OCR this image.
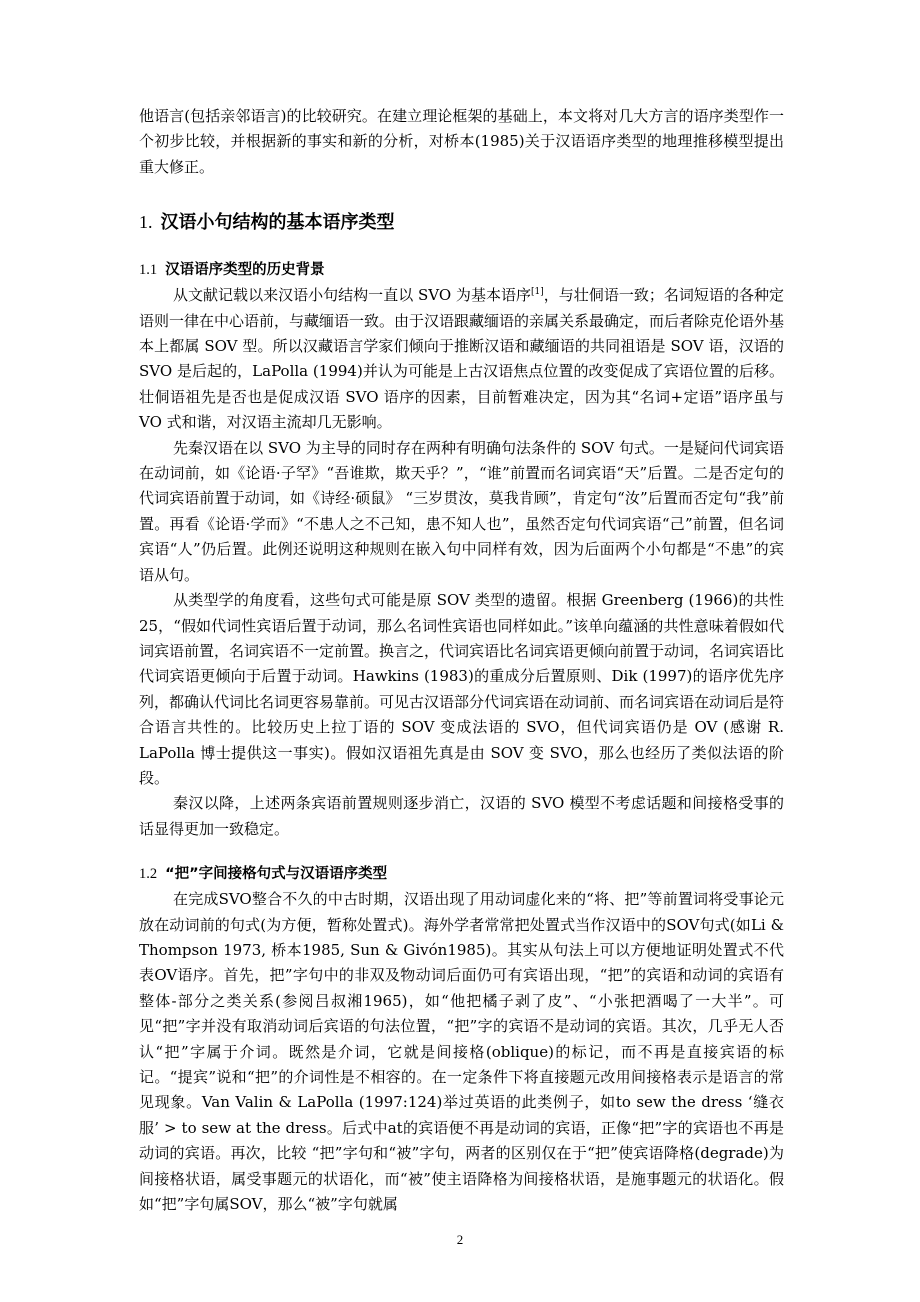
他语言(包括亲邻语言)的比较研究。在建立理论框架的基础上，本文将对几大方言的语序类型作一个初步比较，并根据新的事实和新的分析，对桥本(1985)关于汉语语序类型的地理推移模型提出重大修正。

1. 汉语小句结构的基本语序类型
1.1 汉语语序类型的历史背景

从文献记载以来汉语小句结构一直以 SVO 为基本语序[1]，与壮侗语一致；名词短语的各种定语则一律在中心语前，与藏缅语一致。由于汉语跟藏缅语的亲属关系最确定，而后者除克伦语外基本上都属 SOV 型。所以汉藏语言学家们倾向于推断汉语和藏缅语的共同祖语是 SOV 语，汉语的 SVO 是后起的，LaPolla (1994)并认为可能是上古汉语焦点位置的改变促成了宾语位置的后移。壮侗语祖先是否也是促成汉语 SVO 语序的因素，目前暂难决定，因为其“名词+定语”语序虽与 VO 式和谐，对汉语主流却几无影响。

先秦汉语在以 SVO 为主导的同时存在两种有明确句法条件的 SOV 句式。一是疑问代词宾语在动词前，如《论语·子罕》“吾谁欺，欺天乎？”，“谁”前置而名词宾语“天”后置。二是否定句的代词宾语前置于动词，如《诗经·硕鼠》 “三岁贯汝，莫我肯顾”，肯定句“汝”后置而否定句“我”前置。再看《论语·学而》“不患人之不己知，患不知人也”，虽然否定句代词宾语“己”前置，但名词宾语“人”仍后置。此例还说明这种规则在嵌入句中同样有效，因为后面两个小句都是“不患”的宾语从句。

从类型学的角度看，这些句式可能是原 SOV 类型的遗留。根据 Greenberg (1966)的共性 25，“假如代词性宾语后置于动词，那么名词性宾语也同样如此。”该单向蕴涵的共性意味着假如代词宾语前置，名词宾语不一定前置。换言之，代词宾语比名词宾语更倾向前置于动词，名词宾语比代词宾语更倾向于后置于动词。Hawkins (1983)的重成分后置原则、Dik (1997)的语序优先序列，都确认代词比名词更容易靠前。可见古汉语部分代词宾语在动词前、而名词宾语在动词后是符合语言共性的。比较历史上拉丁语的 SOV 变成法语的 SVO，但代词宾语仍是 OV (感谢 R. LaPolla 博士提供这一事实)。假如汉语祖先真是由 SOV 变 SVO，那么也经历了类似法语的阶段。

秦汉以降，上述两条宾语前置规则逐步消亡，汉语的 SVO 模型不考虑话题和间接格受事的话显得更加一致稳定。

1.2 “把”字间接格句式与汉语语序类型

在完成SVO整合不久的中古时期，汉语出现了用动词虚化来的“将、把”等前置词将受事论元放在动词前的句式(为方便，暂称处置式)。海外学者常常把处置式当作汉语中的SOV句式(如Li & Thompson 1973, 桥本1985, Sun & Givón1985)。其实从句法上可以方便地证明处置式不代表OV语序。首先，把”字句中的非双及物动词后面仍可有宾语出现，“把”的宾语和动词的宾语有整体-部分之类关系(参阅吕叔湘1965)，如“他把橘子剥了皮”、“小张把酒喝了一大半”。可见“把”字并没有取消动词后宾语的句法位置，“把”字的宾语不是动词的宾语。其次，几乎无人否认“把”字属于介词。既然是介词，它就是间接格(oblique)的标记，而不再是直接宾语的标记。“提宾”说和“把”的介词性是不相容的。在一定条件下将直接题元改用间接格表示是语言的常见现象。Van Valin & LaPolla (1997:124)举过英语的此类例子，如to sew the dress ‘缝衣服’ > to sew at the dress。后式中at的宾语便不再是动词的宾语，正像“把”字的宾语也不再是动词的宾语。再次，比较 “把”字句和“被”字句，两者的区别仅在于“把”使宾语降格(degrade)为间接格状语，属受事题元的状语化，而“被”使主语降格为间接格状语，是施事题元的状语化。假如“把”字句属SOV，那么“被”字句就属

2
